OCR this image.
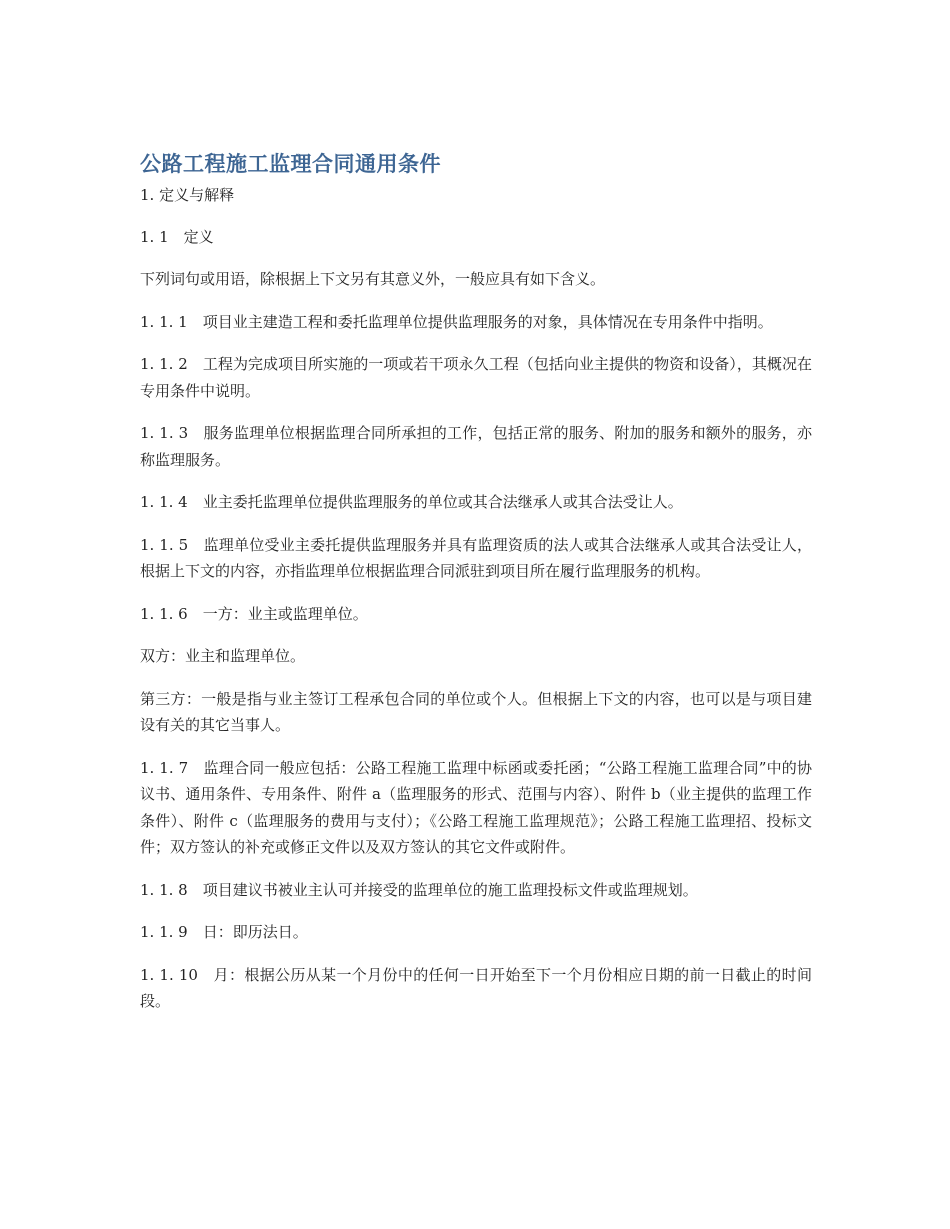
公路工程施工监理合同通用条件

1. 定义与解释

1. 1　定义

下列词句或用语，除根据上下文另有其意义外，一般应具有如下含义。

1. 1. 1　项目业主建造工程和委托监理单位提供监理服务的对象，具体情况在专用条件中指明。

1. 1. 2　工程为完成项目所实施的一项或若干项永久工程（包括向业主提供的物资和设备），其概况在专用条件中说明。

1. 1. 3　服务监理单位根据监理合同所承担的工作，包括正常的服务、附加的服务和额外的服务，亦称监理服务。

1. 1. 4　业主委托监理单位提供监理服务的单位或其合法继承人或其合法受让人。

1. 1. 5　监理单位受业主委托提供监理服务并具有监理资质的法人或其合法继承人或其合法受让人，根据上下文的内容，亦指监理单位根据监理合同派驻到项目所在履行监理服务的机构。

1. 1. 6　一方：业主或监理单位。

双方：业主和监理单位。

第三方：一般是指与业主签订工程承包合同的单位或个人。但根据上下文的内容，也可以是与项目建设有关的其它当事人。

1. 1. 7　监理合同一般应包括：公路工程施工监理中标函或委托函；“公路工程施工监理合同”中的协议书、通用条件、专用条件、附件 a（监理服务的形式、范围与内容）、附件 b（业主提供的监理工作条件）、附件 c（监理服务的费用与支付）；《公路工程施工监理规范》；公路工程施工监理招、投标文件；双方签认的补充或修正文件以及双方签认的其它文件或附件。

1. 1. 8　项目建议书被业主认可并接受的监理单位的施工监理投标文件或监理规划。

1. 1. 9　日：即历法日。

1. 1. 10　月：根据公历从某一个月份中的任何一日开始至下一个月份相应日期的前一日截止的时间段。
